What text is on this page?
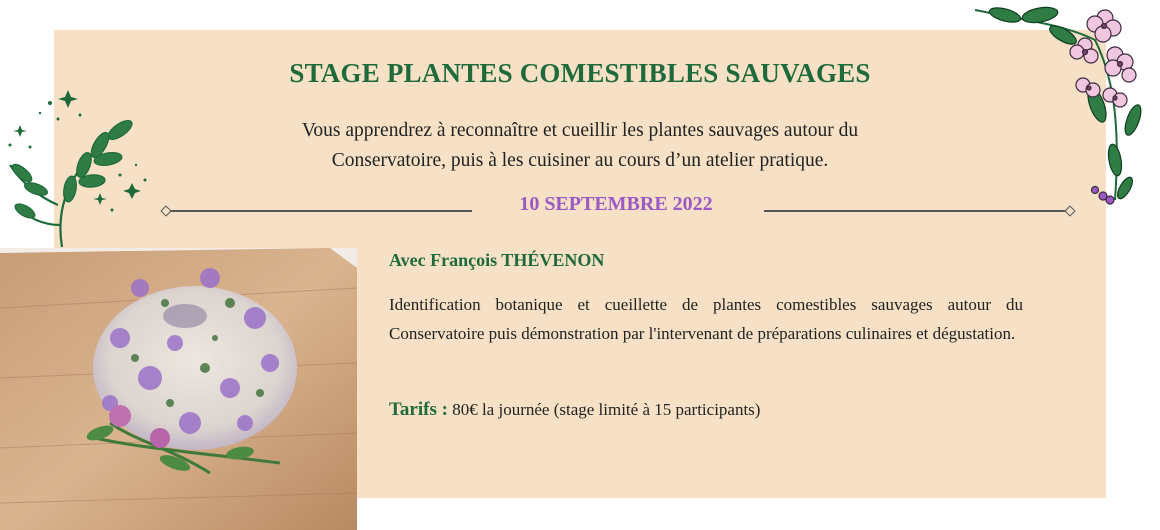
STAGE PLANTES COMESTIBLES SAUVAGES
Vous apprendrez à reconnaître et cueillir les plantes sauvages autour du
Conservatoire, puis à les cuisiner au cours d’un atelier pratique.
10 SEPTEMBRE 2022
Avec François THÉVENON
Identification botanique et cueillette de plantes comestibles sauvages autour du Conservatoire puis démonstration par l'intervenant de préparations culinaires et dégustation.
Tarifs : 80€ la journée (stage limité à 15 participants)
